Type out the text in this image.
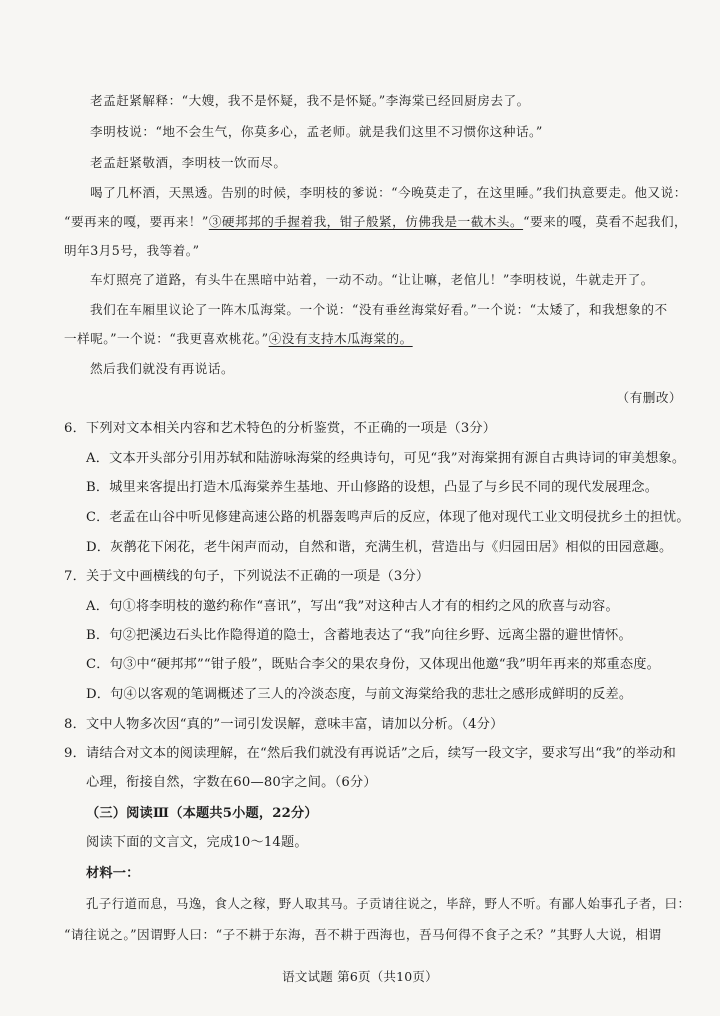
老孟赶紧解释：“大嫂，我不是怀疑，我不是怀疑。”李海棠已经回厨房去了。
李明枝说：“地不会生气，你莫多心，孟老师。就是我们这里不习惯你这种话。”
老孟赶紧敬酒，李明枝一饮而尽。
喝了几杯酒，天黑透。告别的时候，李明枝的爹说：“今晚莫走了，在这里睡。”我们执意要走。他又说：
“要再来的嘎，要再来！”③硬邦邦的手握着我，钳子般紧，仿佛我是一截木头。“要来的嘎，莫看不起我们，
明年3月5号，我等着。”
车灯照亮了道路，有头牛在黑暗中站着，一动不动。“让让嘛，老倌儿！”李明枝说，牛就走开了。
我们在车厢里议论了一阵木瓜海棠。一个说：“没有垂丝海棠好看。”一个说：“太矮了，和我想象的不
一样呢。”一个说：“我更喜欢桃花。”④没有支持木瓜海棠的。
然后我们就没有再说话。
（有删改）
6．下列对文本相关内容和艺术特色的分析鉴赏，不正确的一项是（3分）
A．文本开头部分引用苏轼和陆游咏海棠的经典诗句，可见“我”对海棠拥有源自古典诗词的审美想象。
B．城里来客提出打造木瓜海棠养生基地、开山修路的设想，凸显了与乡民不同的现代发展理念。
C．老孟在山谷中听见修建高速公路的机器轰鸣声后的反应，体现了他对现代工业文明侵扰乡土的担忧。
D．灰鹡花下闲花，老牛闲声而动，自然和谐，充满生机，营造出与《归园田居》相似的田园意趣。
7．关于文中画横线的句子，下列说法不正确的一项是（3分）
A．句①将李明枝的邀约称作“喜讯”，写出“我”对这种古人才有的相约之风的欣喜与动容。
B．句②把溪边石头比作隐得道的隐士，含蓄地表达了“我”向往乡野、远离尘嚣的避世情怀。
C．句③中“硬邦邦”“钳子般”，既贴合李父的果农身份，又体现出他邀“我”明年再来的郑重态度。
D．句④以客观的笔调概述了三人的冷淡态度，与前文海棠给我的悲壮之感形成鲜明的反差。
8．文中人物多次因“真的”一词引发误解，意味丰富，请加以分析。（4分）
9．请结合对文本的阅读理解，在“然后我们就没有再说话”之后，续写一段文字，要求写出“我”的举动和
心理，衔接自然，字数在60—80字之间。（6分）
（三）阅读Ⅲ（本题共5小题，22分）
阅读下面的文言文，完成10～14题。
材料一：
孔子行道而息，马逸，食人之稼，野人取其马。子贡请往说之，毕辞，野人不听。有鄙人始事孔子者，曰：
“请往说之。”因谓野人曰：“子不耕于东海，吾不耕于西海也，吾马何得不食子之禾？”其野人大说，相谓
语文试题 第6页（共10页）
